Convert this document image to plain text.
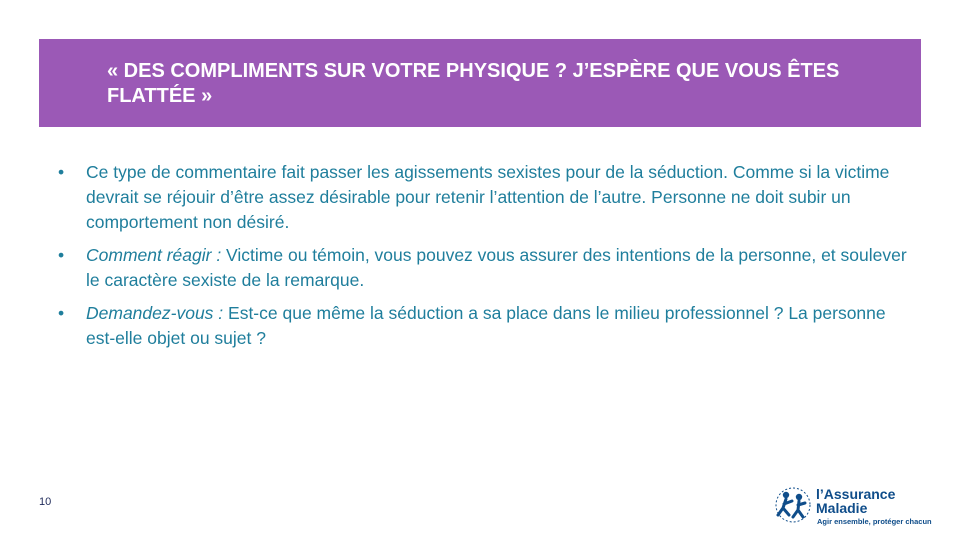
« DES COMPLIMENTS SUR VOTRE PHYSIQUE ? J’ESPÈRE QUE VOUS ÊTES FLATTÉE »
•	Ce type de commentaire fait passer les agissements sexistes pour de la séduction. Comme si la victime devrait se réjouir d’être assez désirable pour retenir l’attention de l’autre. Personne ne doit subir un comportement non désiré.
•	Comment réagir : Victime ou témoin, vous pouvez vous assurer des intentions de la personne, et soulever le caractère sexiste de la remarque.
•	Demandez-vous : Est-ce que même la séduction a sa place dans le milieu professionnel ? La personne est-elle objet ou sujet ?
10	l’Assurance
Maladie
Agir ensemble, protéger chacun
